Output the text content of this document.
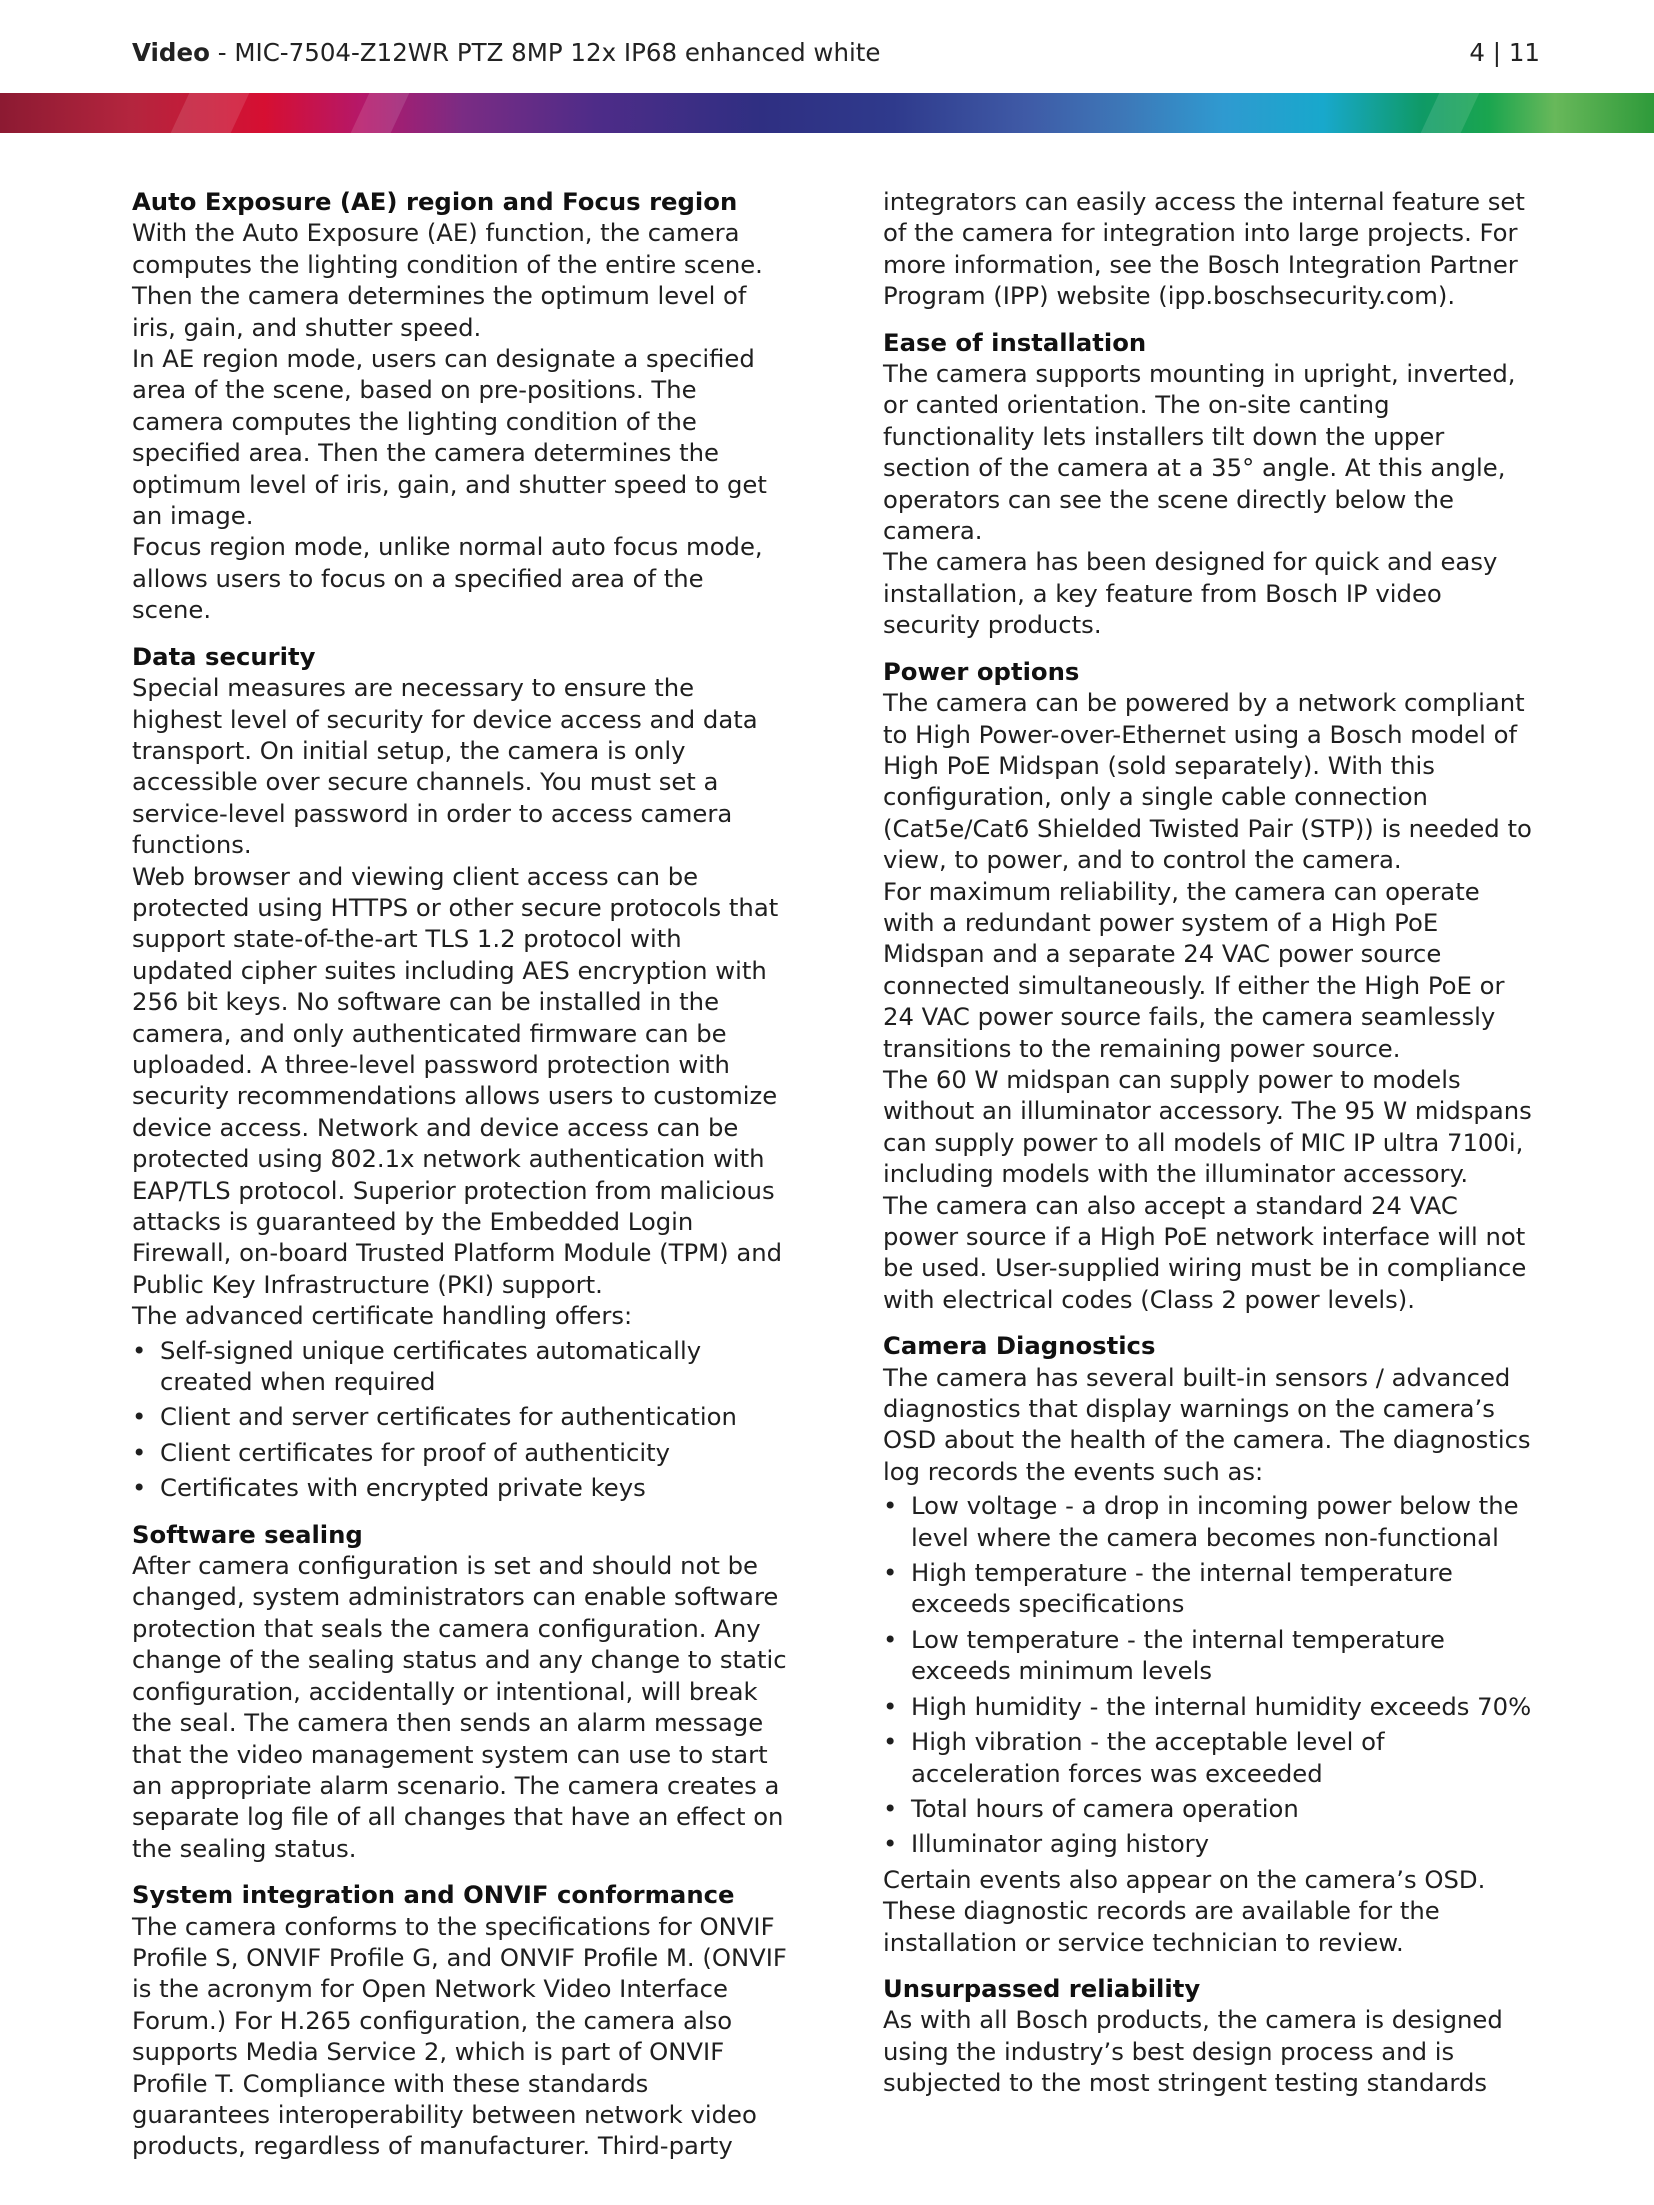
Video - MIC-7504-Z12WR PTZ 8MP 12x IP68 enhanced white	4 | 11
Auto Exposure (AE) region and Focus region

With the Auto Exposure (AE) function, the camera computes the lighting condition of the entire scene. Then the camera determines the optimum level of iris, gain, and shutter speed.

In AE region mode, users can designate a specified area of the scene, based on pre-positions. The camera computes the lighting condition of the specified area. Then the camera determines the optimum level of iris, gain, and shutter speed to get an image.

Focus region mode, unlike normal auto focus mode, allows users to focus on a specified area of the scene.

Data security

Special measures are necessary to ensure the highest level of security for device access and data transport. On initial setup, the camera is only accessible over secure channels. You must set a service-level password in order to access camera functions.

Web browser and viewing client access can be protected using HTTPS or other secure protocols that support state-of-the-art TLS 1.2 protocol with updated cipher suites including AES encryption with 256 bit keys. No software can be installed in the camera, and only authenticated firmware can be uploaded. A three-level password protection with security recommendations allows users to customize device access. Network and device access can be protected using 802.1x network authentication with EAP/TLS protocol. Superior protection from malicious attacks is guaranteed by the Embedded Login Firewall, on-board Trusted Platform Module (TPM) and Public Key Infrastructure (PKI) support.

The advanced certificate handling offers:

• Self-signed unique certificates automatically created when required
• Client and server certificates for authentication
• Client certificates for proof of authenticity
• Certificates with encrypted private keys
Software sealing

After camera configuration is set and should not be changed, system administrators can enable software protection that seals the camera configuration. Any change of the sealing status and any change to static configuration, accidentally or intentional, will break the seal. The camera then sends an alarm message that the video management system can use to start an appropriate alarm scenario. The camera creates a separate log file of all changes that have an effect on the sealing status.

System integration and ONVIF conformance

The camera conforms to the specifications for ONVIF Profile S, ONVIF Profile G, and ONVIF Profile M. (ONVIF is the acronym for Open Network Video Interface Forum.) For H.265 configuration, the camera also supports Media Service 2, which is part of ONVIF Profile T. Compliance with these standards guarantees interoperability between network video products, regardless of manufacturer. Third-party

integrators can easily access the internal feature set of the camera for integration into large projects. For more information, see the Bosch Integration Partner Program (IPP) website (ipp.boschsecurity.com).

Ease of installation

The camera supports mounting in upright, inverted, or canted orientation. The on-site canting functionality lets installers tilt down the upper section of the camera at a 35° angle. At this angle, operators can see the scene directly below the camera.

The camera has been designed for quick and easy installation, a key feature from Bosch IP video security products.

Power options

The camera can be powered by a network compliant to High Power-over-Ethernet using a Bosch model of High PoE Midspan (sold separately). With this configuration, only a single cable connection (Cat5e/Cat6 Shielded Twisted Pair (STP)) is needed to view, to power, and to control the camera.

For maximum reliability, the camera can operate with a redundant power system of a High PoE Midspan and a separate 24 VAC power source connected simultaneously. If either the High PoE or 24 VAC power source fails, the camera seamlessly transitions to the remaining power source.

The 60 W midspan can supply power to models without an illuminator accessory. The 95 W midspans can supply power to all models of MIC IP ultra 7100i, including models with the illuminator accessory.

The camera can also accept a standard 24 VAC power source if a High PoE network interface will not be used. User-supplied wiring must be in compliance with electrical codes (Class 2 power levels).

Camera Diagnostics

The camera has several built-in sensors / advanced diagnostics that display warnings on the camera’s OSD about the health of the camera. The diagnostics log records the events such as:

• Low voltage - a drop in incoming power below the level where the camera becomes non-functional
• High temperature - the internal temperature exceeds specifications
• Low temperature - the internal temperature exceeds minimum levels
• High humidity - the internal humidity exceeds 70%
• High vibration - the acceptable level of acceleration forces was exceeded
• Total hours of camera operation
• Illuminator aging history

Certain events also appear on the camera’s OSD. These diagnostic records are available for the installation or service technician to review.

Unsurpassed reliability

As with all Bosch products, the camera is designed using the industry’s best design process and is subjected to the most stringent testing standards
